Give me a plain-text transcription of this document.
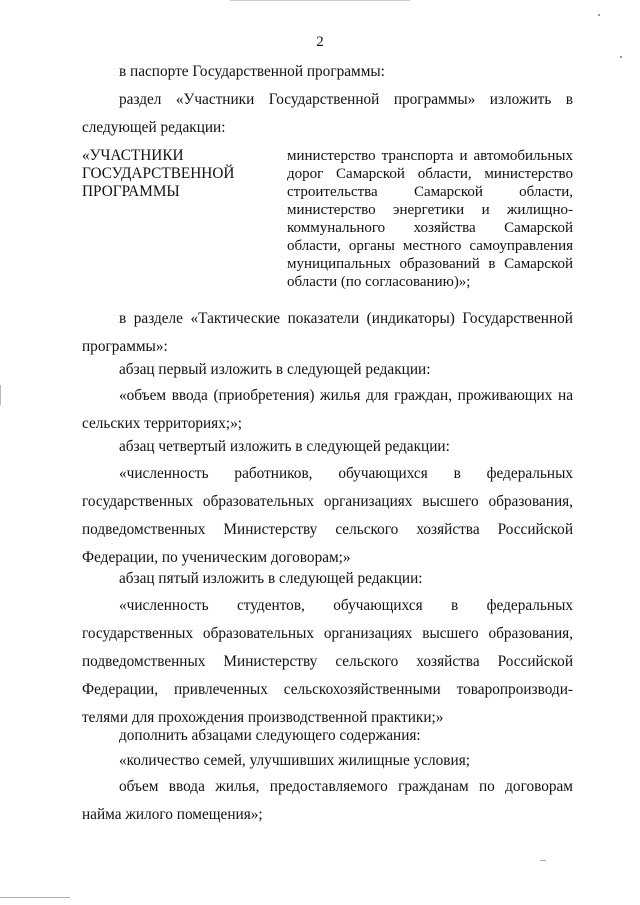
2

в паспорте Государственной программы:

раздел «Участники Государственной программы» изложить в следующей редакции:

«УЧАСТНИКИ ГОСУДАРСТВЕННОЙ ПРОГРАММЫ
министерство транспорта и автомобильных дорог Самарской области, министерство строительства Самарской области, министерство энергетики и жилищно-коммунального хозяйства Самарской области, органы местного самоуправления муниципальных образований в Самарской области (по согласованию)»;

в разделе «Тактические показатели (индикаторы) Государственной программы»:

абзац первый изложить в следующей редакции:

«объем ввода (приобретения) жилья для граждан, проживающих на сельских территориях;»;

абзац четвертый изложить в следующей редакции:

«численность работников, обучающихся в федеральных государственных образовательных организациях высшего образования, подведомственных Министерству сельского хозяйства Российской Федерации, по ученическим договорам;»

абзац пятый изложить в следующей редакции:

«численность студентов, обучающихся в федеральных государственных образовательных организациях высшего образования, подведомственных Министерству сельского хозяйства Российской Федерации, привлеченных сельскохозяйственными товаропроизводителями для прохождения производственной практики;»

дополнить абзацами следующего содержания:

«количество семей, улучшивших жилищные условия;

объем ввода жилья, предоставляемого гражданам по договорам найма жилого помещения»;
